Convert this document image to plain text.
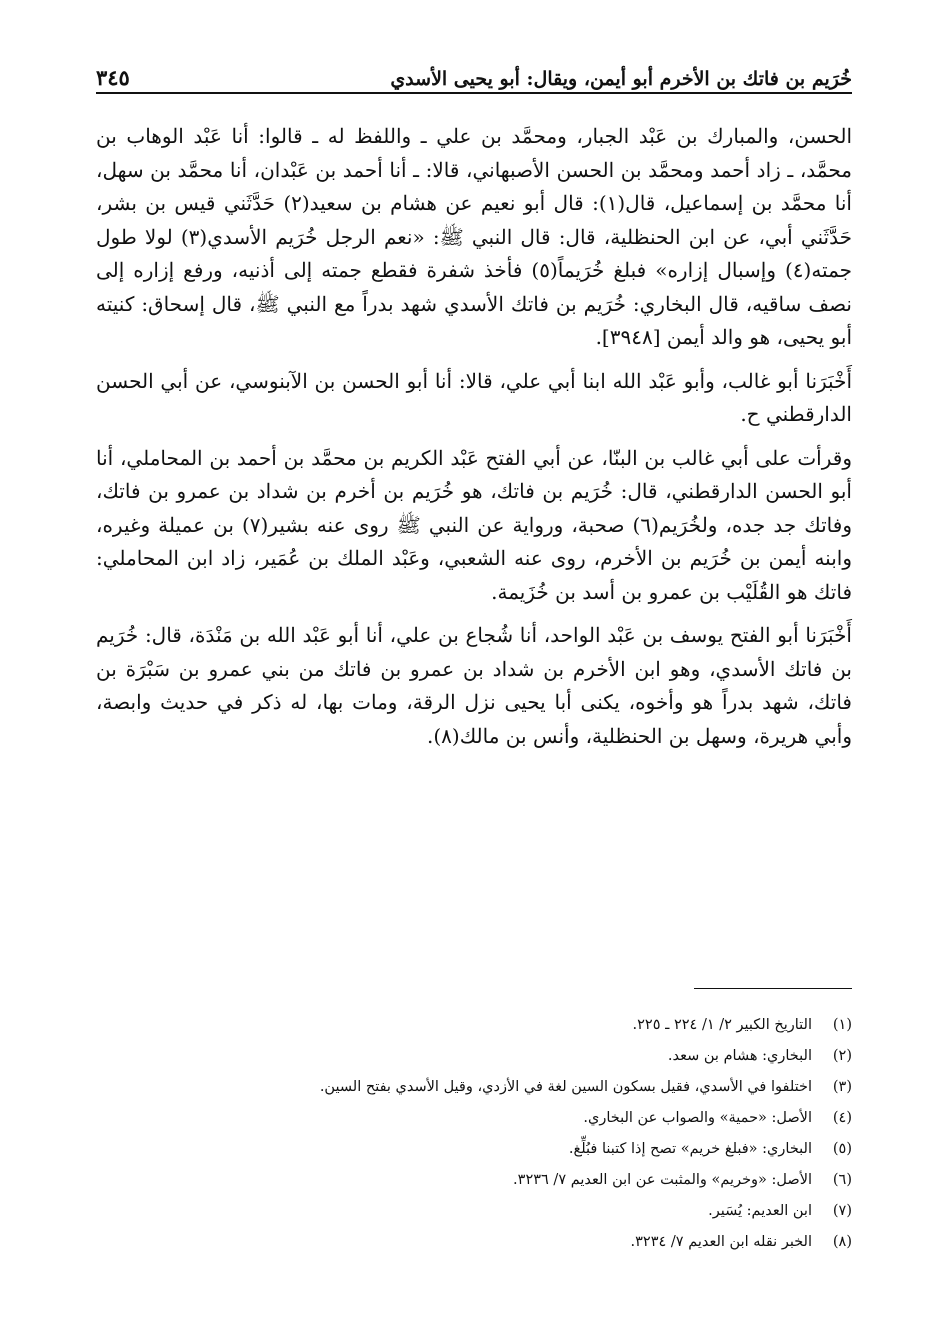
خُرَيم بن فاتك بن الأخرم أبو أيمن، ويقال: أبو يحيى الأسدي
٣٤٥

الحسن، والمبارك بن عَبْد الجبار، ومحمَّد بن علي ـ واللفظ له ـ قالوا: أنا عَبْد الوهاب بن محمَّد، ـ زاد أحمد ومحمَّد بن الحسن الأصبهاني، قالا: ـ أنا أحمد بن عَبْدان، أنا محمَّد بن سهل، أنا محمَّد بن إسماعيل، قال(١): قال أبو نعيم عن هشام بن سعيد(٢) حَدَّثَني قيس بن بشر، حَدَّثَني أبي، عن ابن الحنظلية، قال: قال النبي ﷺ: «نعم الرجل خُرَيم الأسدي(٣) لولا طول جمته(٤) وإسبال إزاره» فبلغ خُرَيماً(٥) فأخذ شفرة فقطع جمته إلى أذنيه، ورفع إزاره إلى نصف ساقيه، قال البخاري: خُرَيم بن فاتك الأسدي شهد بدراً مع النبي ﷺ، قال إسحاق: كنيته أبو يحيى، هو والد أيمن [٣٩٤٨].

أَخْبَرَنا أبو غالب، وأبو عَبْد الله ابنا أبي علي، قالا: أنا أبو الحسن بن الآبنوسي، عن أبي الحسن الدارقطني ح.

وقرأت على أبي غالب بن البنّا، عن أبي الفتح عَبْد الكريم بن محمَّد بن أحمد بن المحاملي، أنا أبو الحسن الدارقطني، قال: خُرَيم بن فاتك، هو خُرَيم بن أخرم بن شداد بن عمرو بن فاتك، وفاتك جد جده، ولخُرَيم(٦) صحبة، ورواية عن النبي ﷺ روى عنه بشير(٧) بن عميلة وغيره، وابنه أيمن بن خُرَيم بن الأخرم، روى عنه الشعبي، وعَبْد الملك بن عُمَير، زاد ابن المحاملي: فاتك هو القُلَيْب بن عمرو بن أسد بن خُزَيمة.

أَخْبَرَنا أبو الفتح يوسف بن عَبْد الواحد، أنا شُجاع بن علي، أنا أبو عَبْد الله بن مَنْدَة، قال: خُرَيم بن فاتك الأسدي، وهو ابن الأخرم بن شداد بن عمرو بن فاتك من بني عمرو بن سَبْرَة بن فاتك، شهد بدراً هو وأخوه، يكنى أبا يحيى نزل الرقة، ومات بها، له ذكر في حديث وابصة، وأبي هريرة، وسهل بن الحنظلية، وأنس بن مالك(٨).

(١)
التاريخ الكبير ٢/ ١/ ٢٢٤ ـ ٢٢٥.
(٢)
البخاري: هشام بن سعد.
(٣)
اختلفوا في الأسدي، فقيل بسكون السين لغة في الأزدي، وقيل الأسدي بفتح السين.
(٤)
الأصل: «حمية» والصواب عن البخاري.
(٥)
البخاري: «فبلغ خريم» تصح إذا كتبنا فبُلِّغ.
(٦)
الأصل: «وخريم» والمثبت عن ابن العديم ٧/ ٣٢٣٦.
(٧)
ابن العديم: يُسَير.
(٨)
الخبر نقله ابن العديم ٧/ ٣٢٣٤.
